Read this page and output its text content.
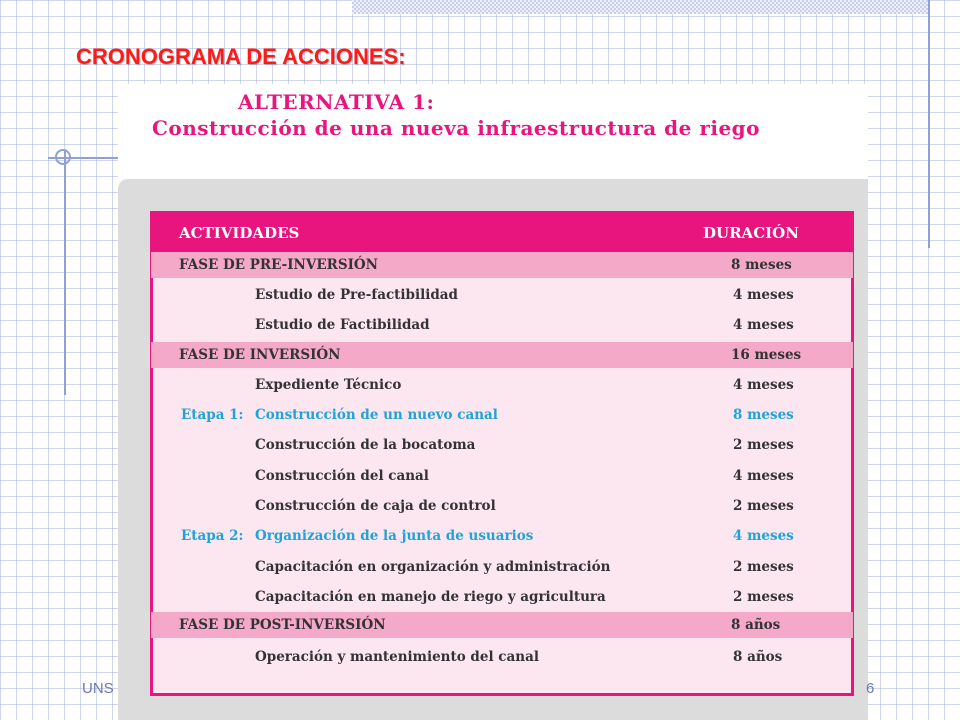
CRONOGRAMA DE ACCIONES:
ALTERNATIVA 1:
Construcción de una nueva infraestructura de riego
ACTIVIDADES	DURACIÓN
FASE DE PRE-INVERSIÓN	8 meses
Estudio de Pre-factibilidad	4 meses
Estudio de Factibilidad	4 meses
FASE DE INVERSIÓN	16 meses
Expediente Técnico	4 meses
Etapa 1: Construcción de un nuevo canal	8 meses
Construcción de la bocatoma	2 meses
Construcción del canal	4 meses
Construcción de caja de control	2 meses
Etapa 2: Organización de la junta de usuarios	4 meses
Capacitación en organización y administración	2 meses
Capacitación en manejo de riego y agricultura	2 meses
FASE DE POST-INVERSIÓN	8 años
Operación y mantenimiento del canal	8 años
UNS	6
